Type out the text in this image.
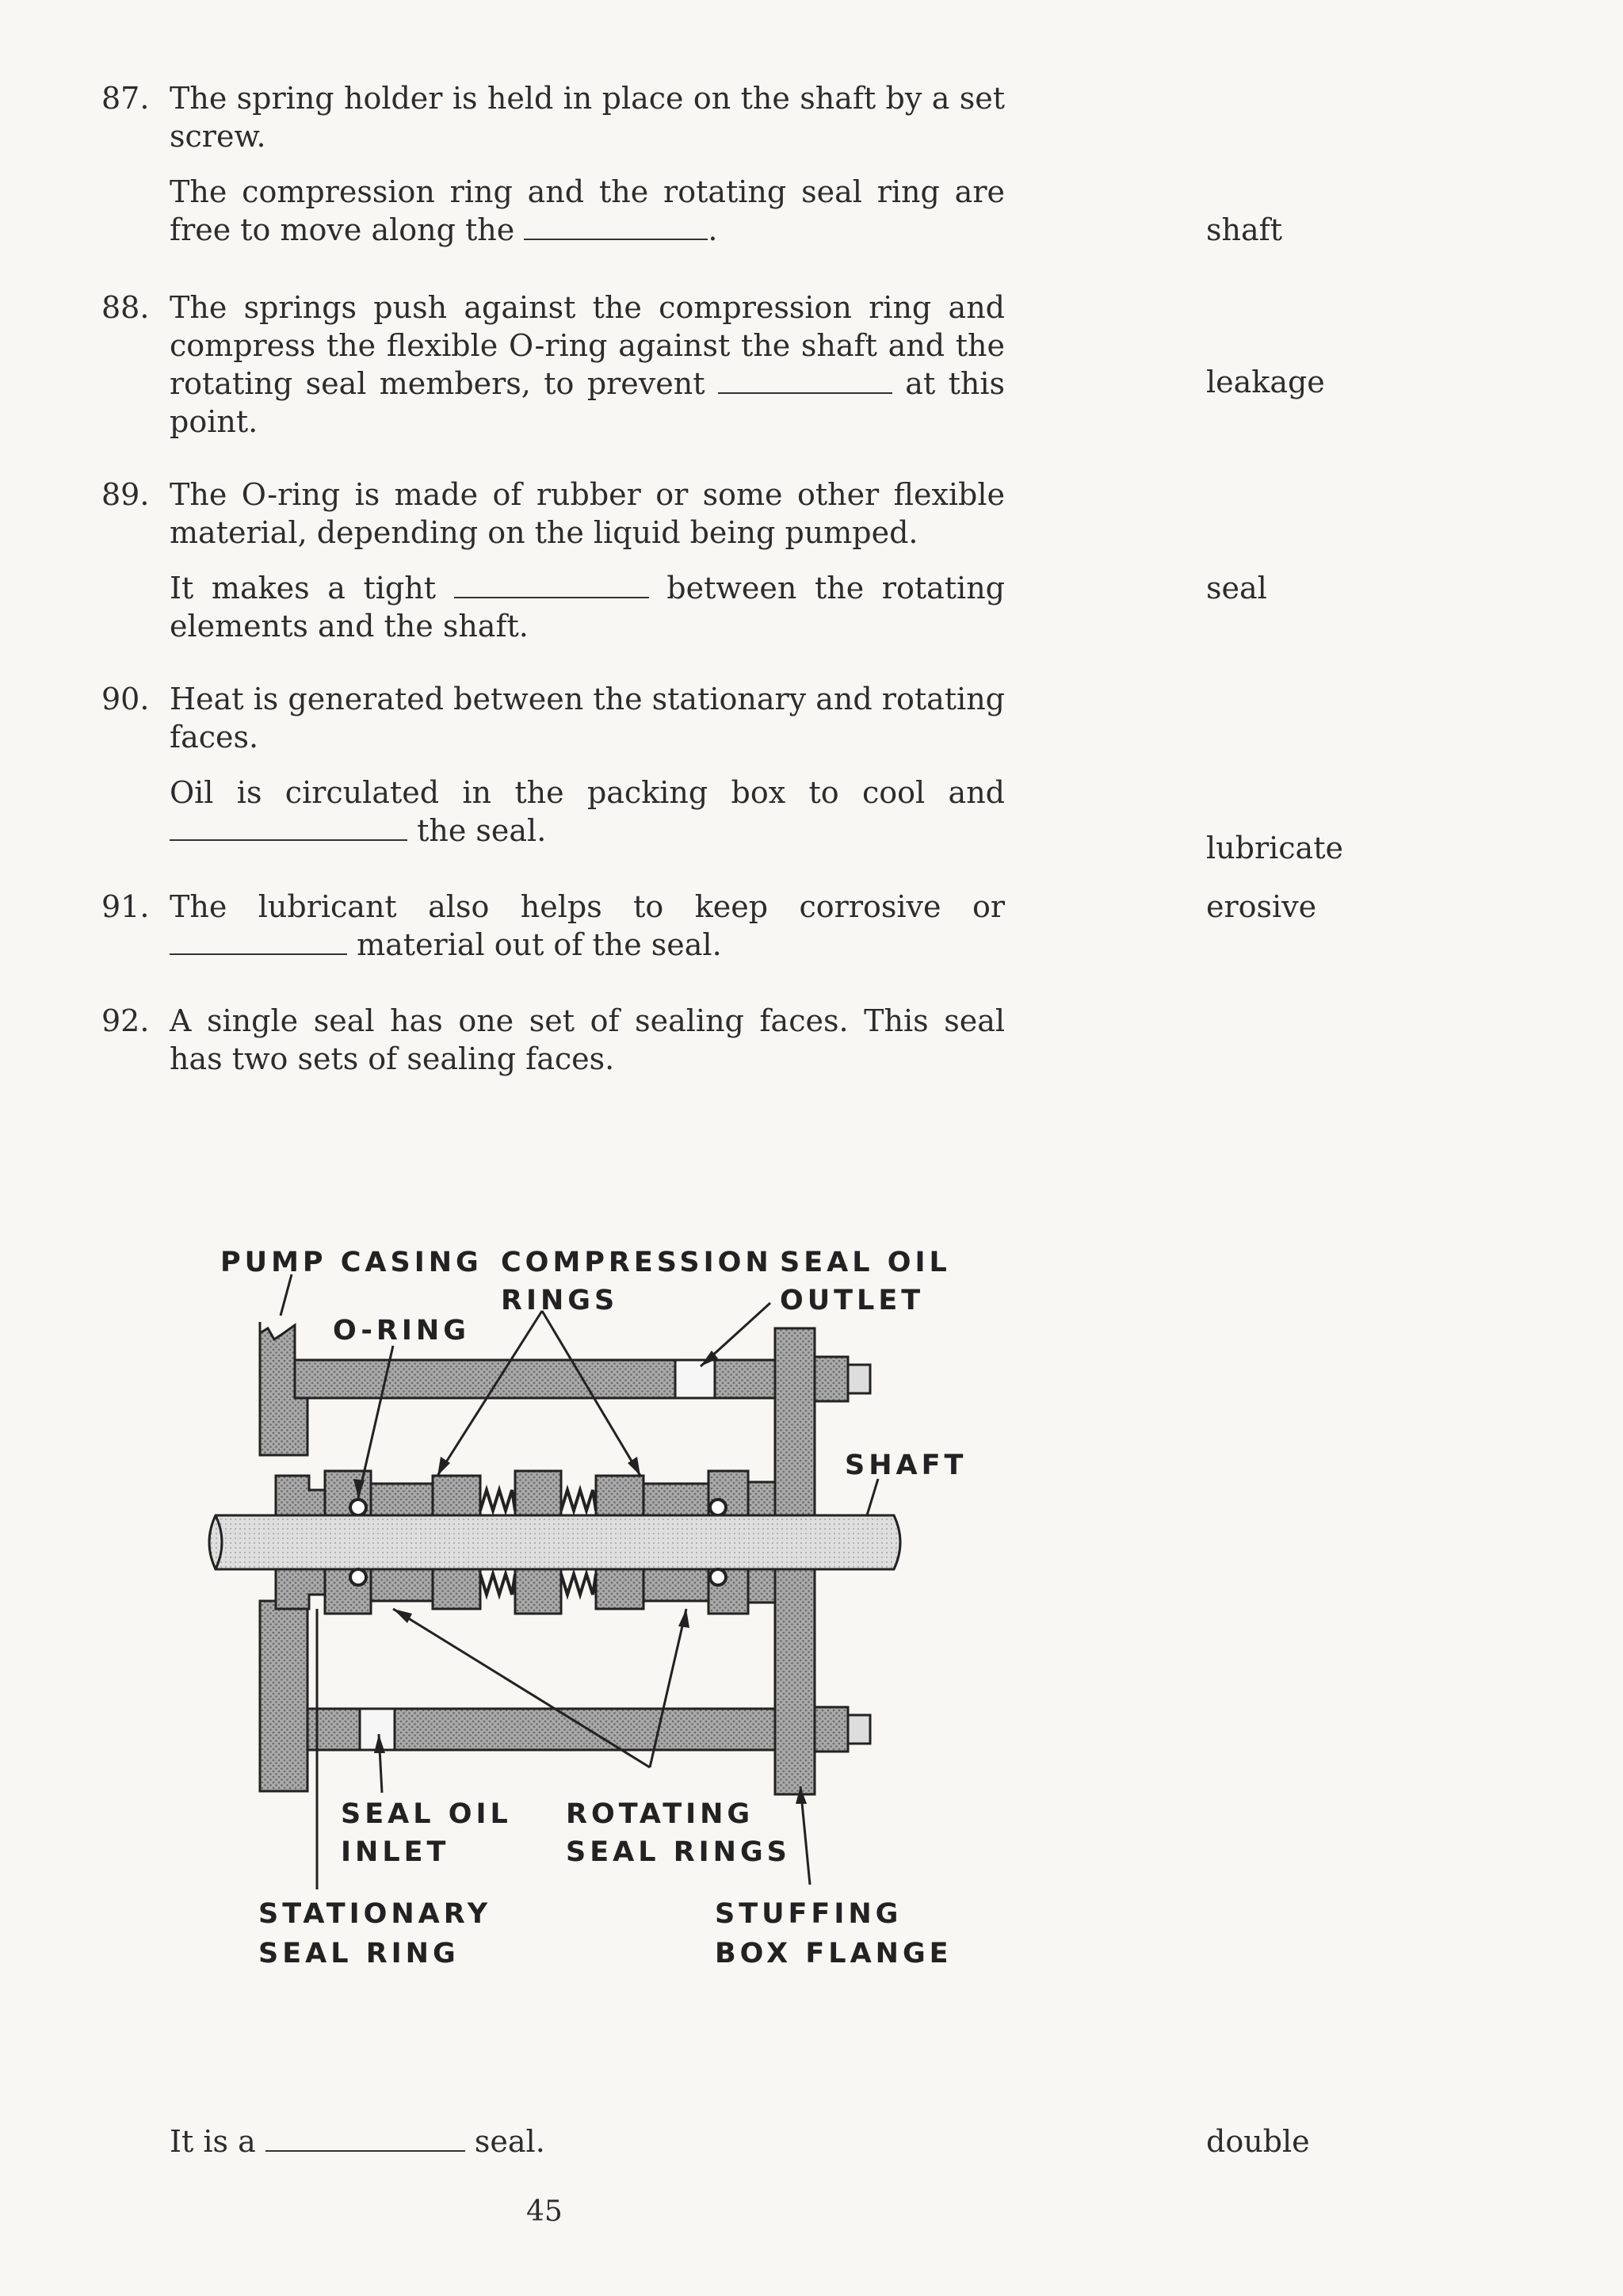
87. The spring holder is held in place on the shaft by a set screw.
The compression ring and the rotating seal ring are free to move along the	.	shaft
88. The springs push against the compression ring and compress the flexible O-ring against the shaft and the rotating seal members, to prevent	at this point.
leakage
89. The O-ring is made of rubber or some other flexible material, depending on the liquid being pumped.
It makes a tight	between the rotating elements and the shaft.
seal
90. Heat is generated between the stationary and rotating faces.
Oil is circulated in the packing box to cool and  the seal.	lubricate
91. The lubricant also helps to keep corrosive or  material out of the seal.
erosive
92. A single seal has one set of sealing faces. This seal has two sets of sealing faces.
PUMP CASING
O-RING
COMPRESSION
RINGS
SEAL OIL
OUTLET
SHAFT
SEAL OIL
INLET
ROTATING
SEAL RINGS
STATIONARY
SEAL RING
STUFFING
BOX FLANGE
It is a	seal.	double
45
